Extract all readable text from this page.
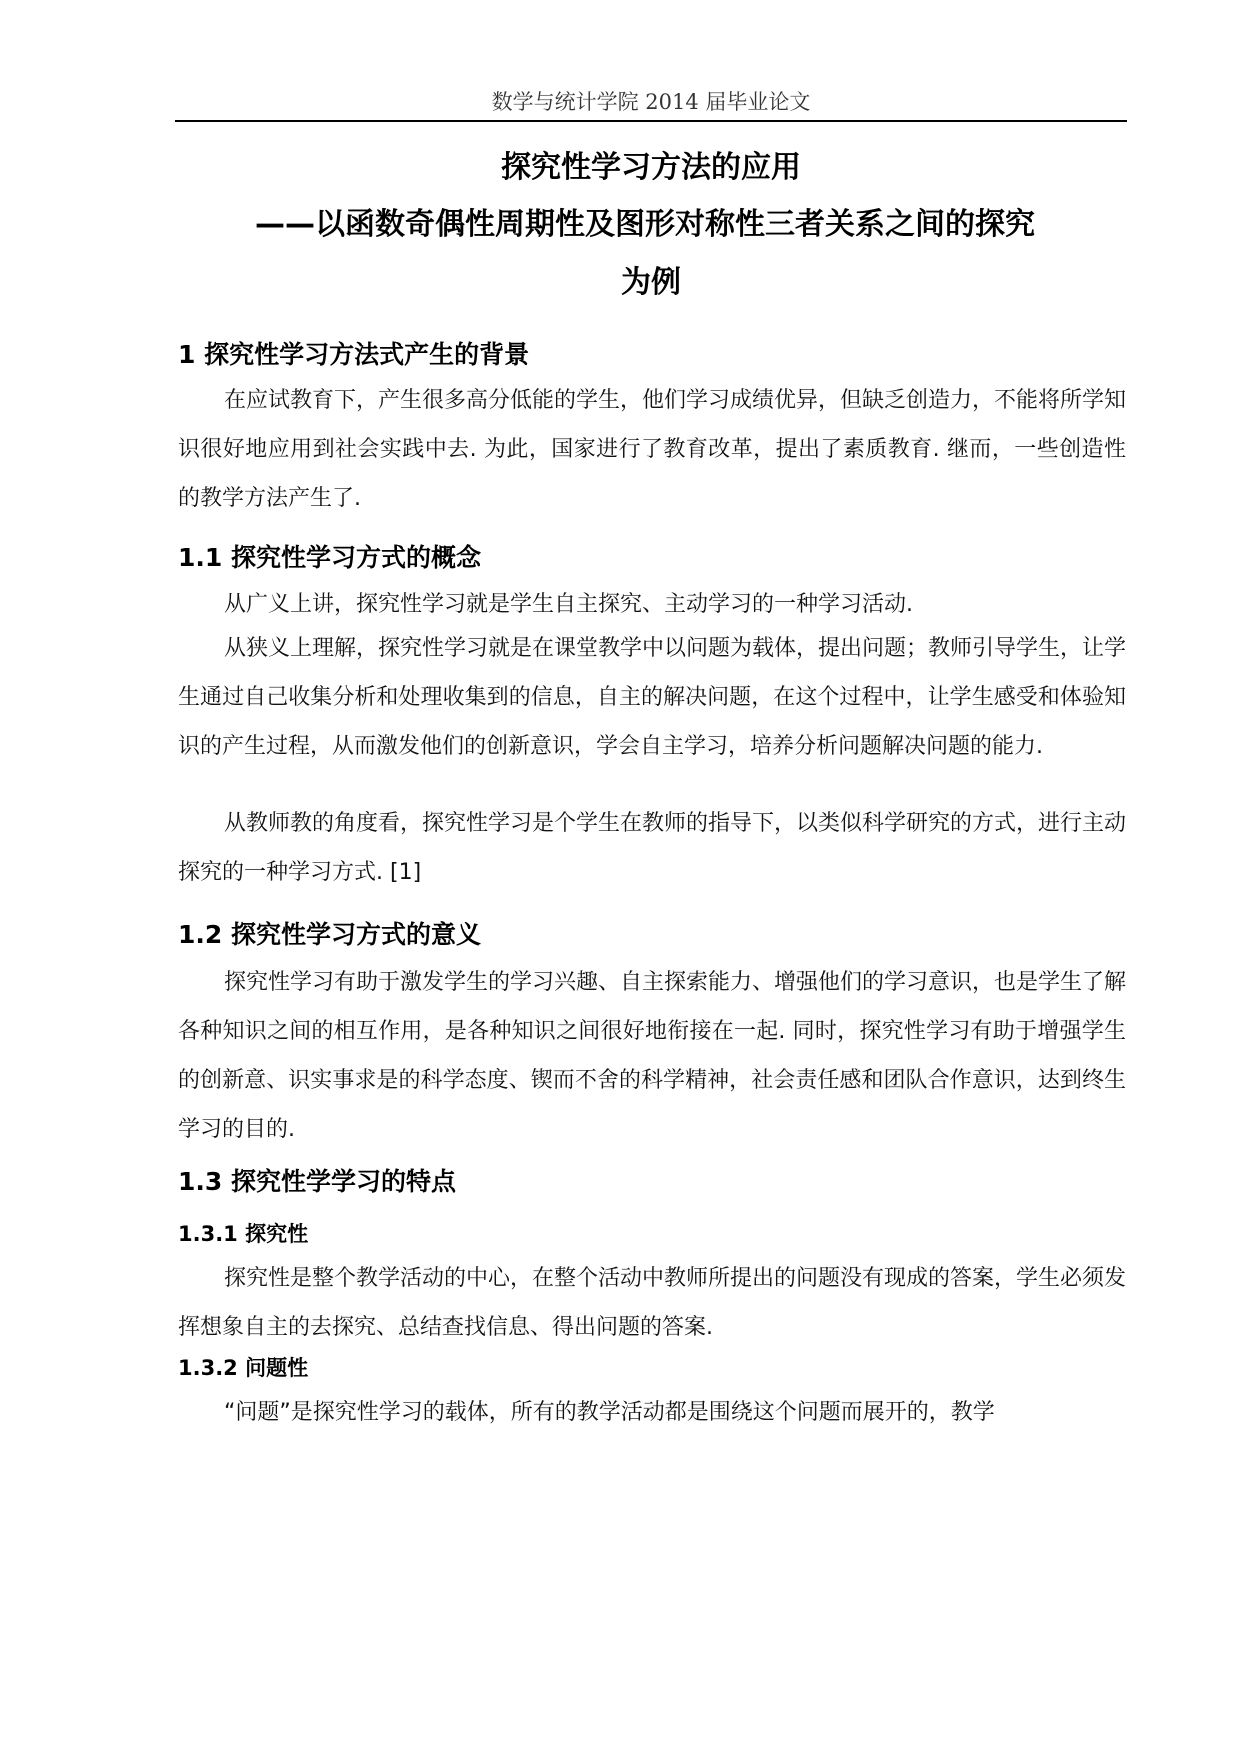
数学与统计学院 2014 届毕业论文
探究性学习方法的应用
——以函数奇偶性周期性及图形对称性三者关系之间的探究
为例
1 探究性学习方法式产生的背景

在应试教育下，产生很多高分低能的学生，他们学习成绩优异，但缺乏创造力，不能将所学知识很好地应用到社会实践中去. 为此，国家进行了教育改革，提出了素质教育. 继而，一些创造性的教学方法产生了.

1.1 探究性学习方式的概念

从广义上讲，探究性学习就是学生自主探究、主动学习的一种学习活动.

从狭义上理解，探究性学习就是在课堂教学中以问题为载体，提出问题；教师引导学生，让学生通过自己收集分析和处理收集到的信息，自主的解决问题，在这个过程中，让学生感受和体验知识的产生过程，从而激发他们的创新意识，学会自主学习，培养分析问题解决问题的能力.

从教师教的角度看，探究性学习是个学生在教师的指导下，以类似科学研究的方式，进行主动探究的一种学习方式. [1]

1.2 探究性学习方式的意义

探究性学习有助于激发学生的学习兴趣、自主探索能力、增强他们的学习意识，也是学生了解各种知识之间的相互作用，是各种知识之间很好地衔接在一起. 同时，探究性学习有助于增强学生的创新意、识实事求是的科学态度、锲而不舍的科学精神，社会责任感和团队合作意识，达到终生学习的目的.

1.3 探究性学学习的特点
1.3.1 探究性

探究性是整个教学活动的中心，在整个活动中教师所提出的问题没有现成的答案，学生必须发挥想象自主的去探究、总结查找信息、得出问题的答案.

1.3.2 问题性

“问题”是探究性学习的载体，所有的教学活动都是围绕这个问题而展开的，教学
